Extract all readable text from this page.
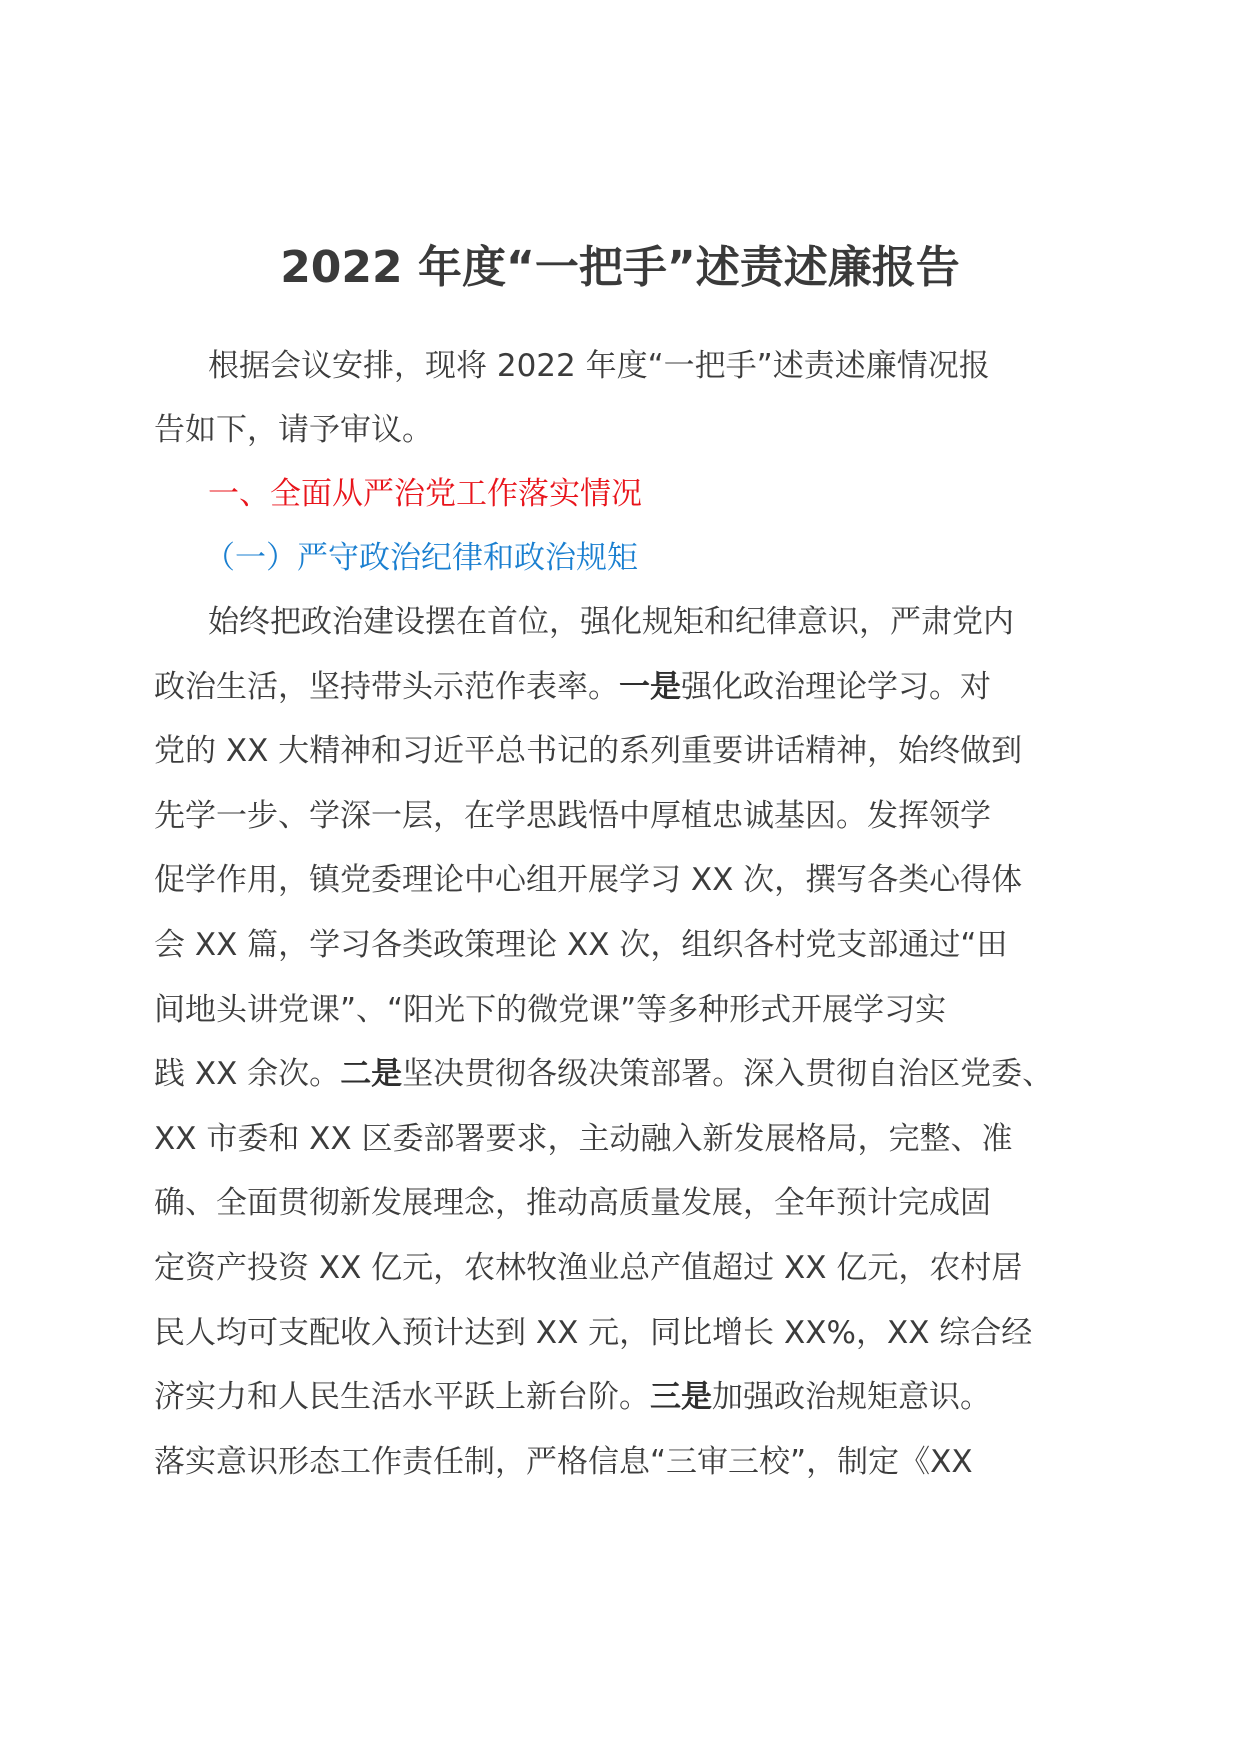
2022 年度“一把手”述责述廉报告
根据会议安排，现将 2022 年度“一把手”述责述廉情况报
告如下，请予审议。
一、全面从严治党工作落实情况
（一）严守政治纪律和政治规矩
始终把政治建设摆在首位，强化规矩和纪律意识，严肃党内
政治生活，坚持带头示范作表率。一是强化政治理论学习。对
党的 XX 大精神和习近平总书记的系列重要讲话精神，始终做到
先学一步、学深一层，在学思践悟中厚植忠诚基因。发挥领学
促学作用，镇党委理论中心组开展学习 XX 次，撰写各类心得体
会 XX 篇，学习各类政策理论 XX 次，组织各村党支部通过“田
间地头讲党课”、“阳光下的微党课”等多种形式开展学习实
践 XX 余次。二是坚决贯彻各级决策部署。深入贯彻自治区党委、
XX 市委和 XX 区委部署要求，主动融入新发展格局，完整、准
确、全面贯彻新发展理念，推动高质量发展，全年预计完成固
定资产投资 XX 亿元，农林牧渔业总产值超过 XX 亿元，农村居
民人均可支配收入预计达到 XX 元，同比增长 XX%，XX 综合经
济实力和人民生活水平跃上新台阶。三是加强政治规矩意识。
落实意识形态工作责任制，严格信息“三审三校”，制定《XX
